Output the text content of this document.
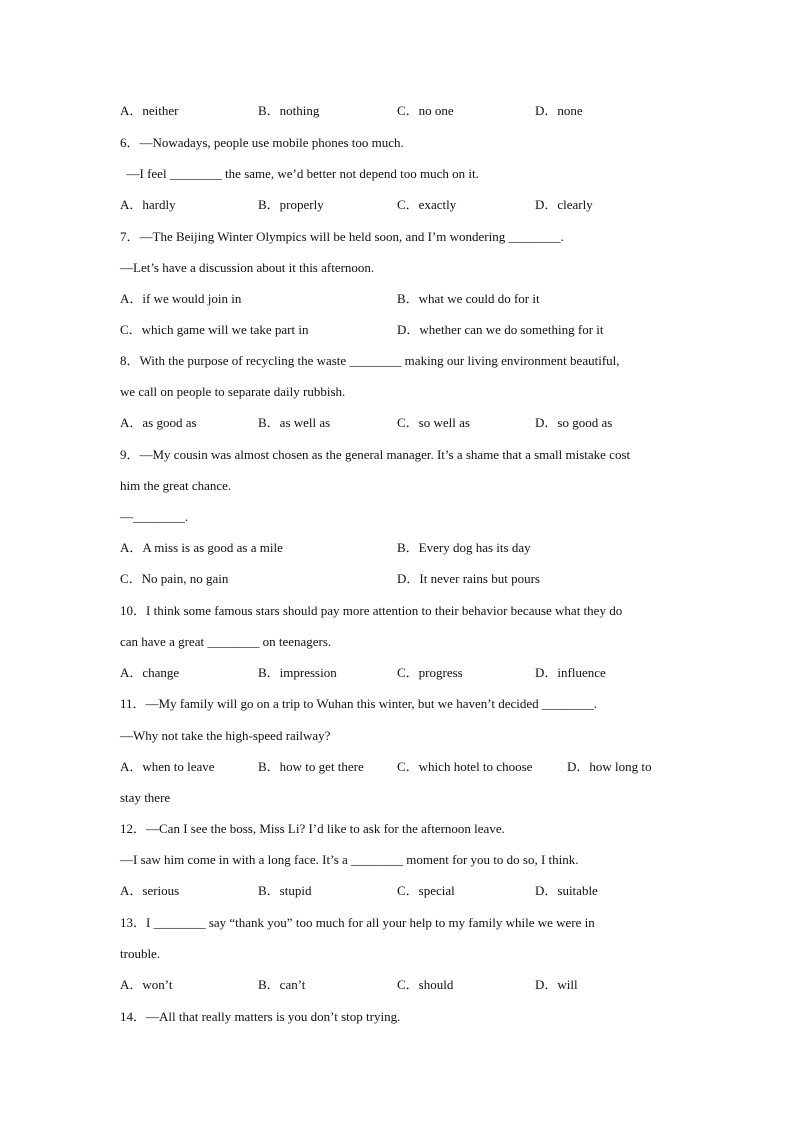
A．neither	B．nothing	C．no one	D．none
6．—Nowadays, people use mobile phones too much.
—I feel ________ the same, we’d better not depend too much on it.
A．hardly	B．properly	C．exactly	D．clearly
7．—The Beijing Winter Olympics will be held soon, and I’m wondering ________.
—Let’s have a discussion about it this afternoon.
A．if we would join in	B．what we could do for it
C．which game will we take part in	D．whether can we do something for it
8．With the purpose of recycling the waste ________ making our living environment beautiful,
we call on people to separate daily rubbish.
A．as good as	B．as well as	C．so well as	D．so good as
9．—My cousin was almost chosen as the general manager. It’s a shame that a small mistake cost
him the great chance.
—________.
A．A miss is as good as a mile	B．Every dog has its day
C．No pain, no gain	D．It never rains but pours
10．I think some famous stars should pay more attention to their behavior because what they do
can have a great ________ on teenagers.
A．change	B．impression	C．progress	D．influence
11．—My family will go on a trip to Wuhan this winter, but we haven’t decided ________.
—Why not take the high-speed railway?
A．when to leave	B．how to get there	C．which hotel to choose	D．how long to
stay there
12．—Can I see the boss, Miss Li? I’d like to ask for the afternoon leave.
—I saw him come in with a long face. It’s a ________ moment for you to do so, I think.
A．serious	B．stupid	C．special	D．suitable
13．I ________ say “thank you” too much for all your help to my family while we were in
trouble.
A．won’t	B．can’t	C．should	D．will
14．—All that really matters is you don’t stop trying.
